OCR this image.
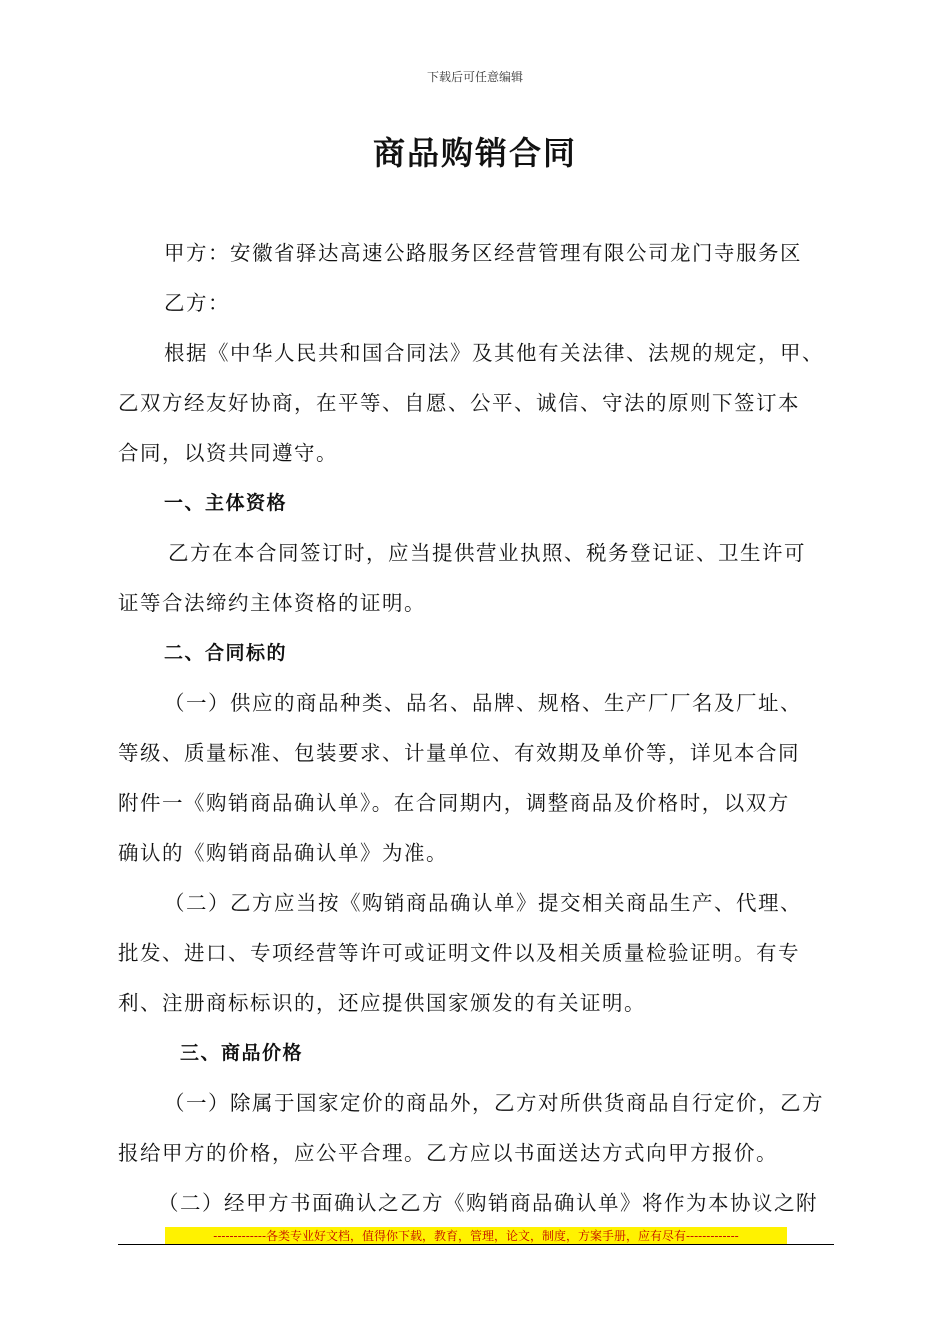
下载后可任意编辑
商品购销合同
甲方：安徽省驿达高速公路服务区经营管理有限公司龙门寺服务区
乙方：
根据《中华人民共和国合同法》及其他有关法律、法规的规定，甲、
乙双方经友好协商，在平等、自愿、公平、诚信、守法的原则下签订本
合同，以资共同遵守。
一、主体资格
乙方在本合同签订时，应当提供营业执照、税务登记证、卫生许可
证等合法缔约主体资格的证明。
二、合同标的
（一）供应的商品种类、品名、品牌、规格、生产厂厂名及厂址、
等级、质量标准、包装要求、计量单位、有效期及单价等，详见本合同
附件一《购销商品确认单》。在合同期内，调整商品及价格时，以双方
确认的《购销商品确认单》为准。
（二）乙方应当按《购销商品确认单》提交相关商品生产、代理、
批发、进口、专项经营等许可或证明文件以及相关质量检验证明。有专
利、注册商标标识的，还应提供国家颁发的有关证明。
三、商品价格
（一）除属于国家定价的商品外，乙方对所供货商品自行定价，乙方
报给甲方的价格，应公平合理。乙方应以书面送达方式向甲方报价。
（二）经甲方书面确认之乙方《购销商品确认单》将作为本协议之附
-------------各类专业好文档，值得你下载，教育，管理，论文，制度，方案手册，应有尽有-------------
